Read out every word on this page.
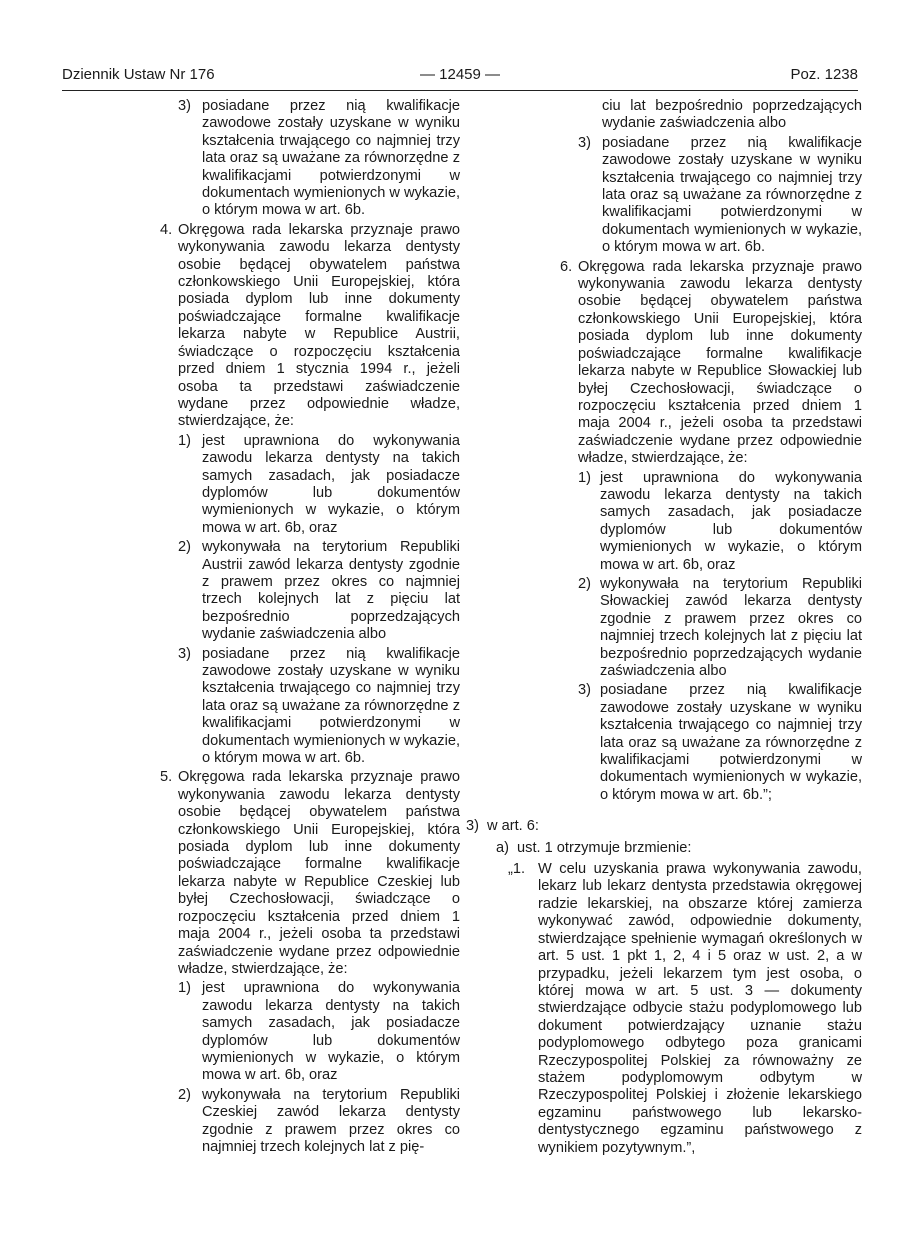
Dziennik Ustaw Nr 176	— 12459 —	Poz. 1238
3) posiadane przez nią kwalifikacje zawodowe zostały uzyskane w wyniku kształcenia trwającego co najmniej trzy lata oraz są uważane za równorzędne z kwalifikacjami potwierdzonymi w dokumentach wymienionych w wykazie, o którym mowa w art. 6b.
4. Okręgowa rada lekarska przyznaje prawo wykonywania zawodu lekarza dentysty osobie będącej obywatelem państwa członkowskiego Unii Europejskiej, która posiada dyplom lub inne dokumenty poświadczające formalne kwalifikacje lekarza nabyte w Republice Austrii, świadczące o rozpoczęciu kształcenia przed dniem 1 stycznia 1994 r., jeżeli osoba ta przedstawi zaświadczenie wydane przez odpowiednie władze, stwierdzające, że:
1) jest uprawniona do wykonywania zawodu lekarza dentysty na takich samych zasadach, jak posiadacze dyplomów lub dokumentów wymienionych w wykazie, o którym mowa w art. 6b, oraz
2) wykonywała na terytorium Republiki Austrii zawód lekarza dentysty zgodnie z prawem przez okres co najmniej trzech kolejnych lat z pięciu lat bezpośrednio poprzedzających wydanie zaświadczenia albo
3) posiadane przez nią kwalifikacje zawodowe zostały uzyskane w wyniku kształcenia trwającego co najmniej trzy lata oraz są uważane za równorzędne z kwalifikacjami potwierdzonymi w dokumentach wymienionych w wykazie, o którym mowa w art. 6b.
5. Okręgowa rada lekarska przyznaje prawo wykonywania zawodu lekarza dentysty osobie będącej obywatelem państwa członkowskiego Unii Europejskiej, która posiada dyplom lub inne dokumenty poświadczające formalne kwalifikacje lekarza nabyte w Republice Czeskiej lub byłej Czechosłowacji, świadczące o rozpoczęciu kształcenia przed dniem 1 maja 2004 r., jeżeli osoba ta przedstawi zaświadczenie wydane przez odpowiednie władze, stwierdzające, że:
1) jest uprawniona do wykonywania zawodu lekarza dentysty na takich samych zasadach, jak posiadacze dyplomów lub dokumentów wymienionych w wykazie, o którym mowa w art. 6b, oraz
2) wykonywała na terytorium Republiki Czeskiej zawód lekarza dentysty zgodnie z prawem przez okres co najmniej trzech kolejnych lat z pię-
ciu lat bezpośrednio poprzedzających wydanie zaświadczenia albo
3) posiadane przez nią kwalifikacje zawodowe zostały uzyskane w wyniku kształcenia trwającego co najmniej trzy lata oraz są uważane za równorzędne z kwalifikacjami potwierdzonymi w dokumentach wymienionych w wykazie, o którym mowa w art. 6b.
6. Okręgowa rada lekarska przyznaje prawo wykonywania zawodu lekarza dentysty osobie będącej obywatelem państwa członkowskiego Unii Europejskiej, która posiada dyplom lub inne dokumenty poświadczające formalne kwalifikacje lekarza nabyte w Republice Słowackiej lub byłej Czechosłowacji, świadczące o rozpoczęciu kształcenia przed dniem 1 maja 2004 r., jeżeli osoba ta przedstawi zaświadczenie wydane przez odpowiednie władze, stwierdzające, że:
1) jest uprawniona do wykonywania zawodu lekarza dentysty na takich samych zasadach, jak posiadacze dyplomów lub dokumentów wymienionych w wykazie, o którym mowa w art. 6b, oraz
2) wykonywała na terytorium Republiki Słowackiej zawód lekarza dentysty zgodnie z prawem przez okres co najmniej trzech kolejnych lat z pięciu lat bezpośrednio poprzedzających wydanie zaświadczenia albo
3) posiadane przez nią kwalifikacje zawodowe zostały uzyskane w wyniku kształcenia trwającego co najmniej trzy lata oraz są uważane za równorzędne z kwalifikacjami potwierdzonymi w dokumentach wymienionych w wykazie, o którym mowa w art. 6b.”;
3) w art. 6:
a) ust. 1 otrzymuje brzmienie:
„1. W celu uzyskania prawa wykonywania zawodu, lekarz lub lekarz dentysta przedstawia okręgowej radzie lekarskiej, na obszarze której zamierza wykonywać zawód, odpowiednie dokumenty, stwierdzające spełnienie wymagań określonych w art. 5 ust. 1 pkt 1, 2, 4 i 5 oraz w ust. 2, a w przypadku, jeżeli lekarzem tym jest osoba, o której mowa w art. 5 ust. 3 — dokumenty stwierdzające odbycie stażu podyplomowego lub dokument potwierdzający uznanie stażu podyplomowego odbytego poza granicami Rzeczypospolitej Polskiej za równoważny ze stażem podyplomowym odbytym w Rzeczypospolitej Polskiej i złożenie lekarskiego egzaminu państwowego lub lekarsko-dentystycznego egzaminu państwowego z wynikiem pozytywnym.”,
